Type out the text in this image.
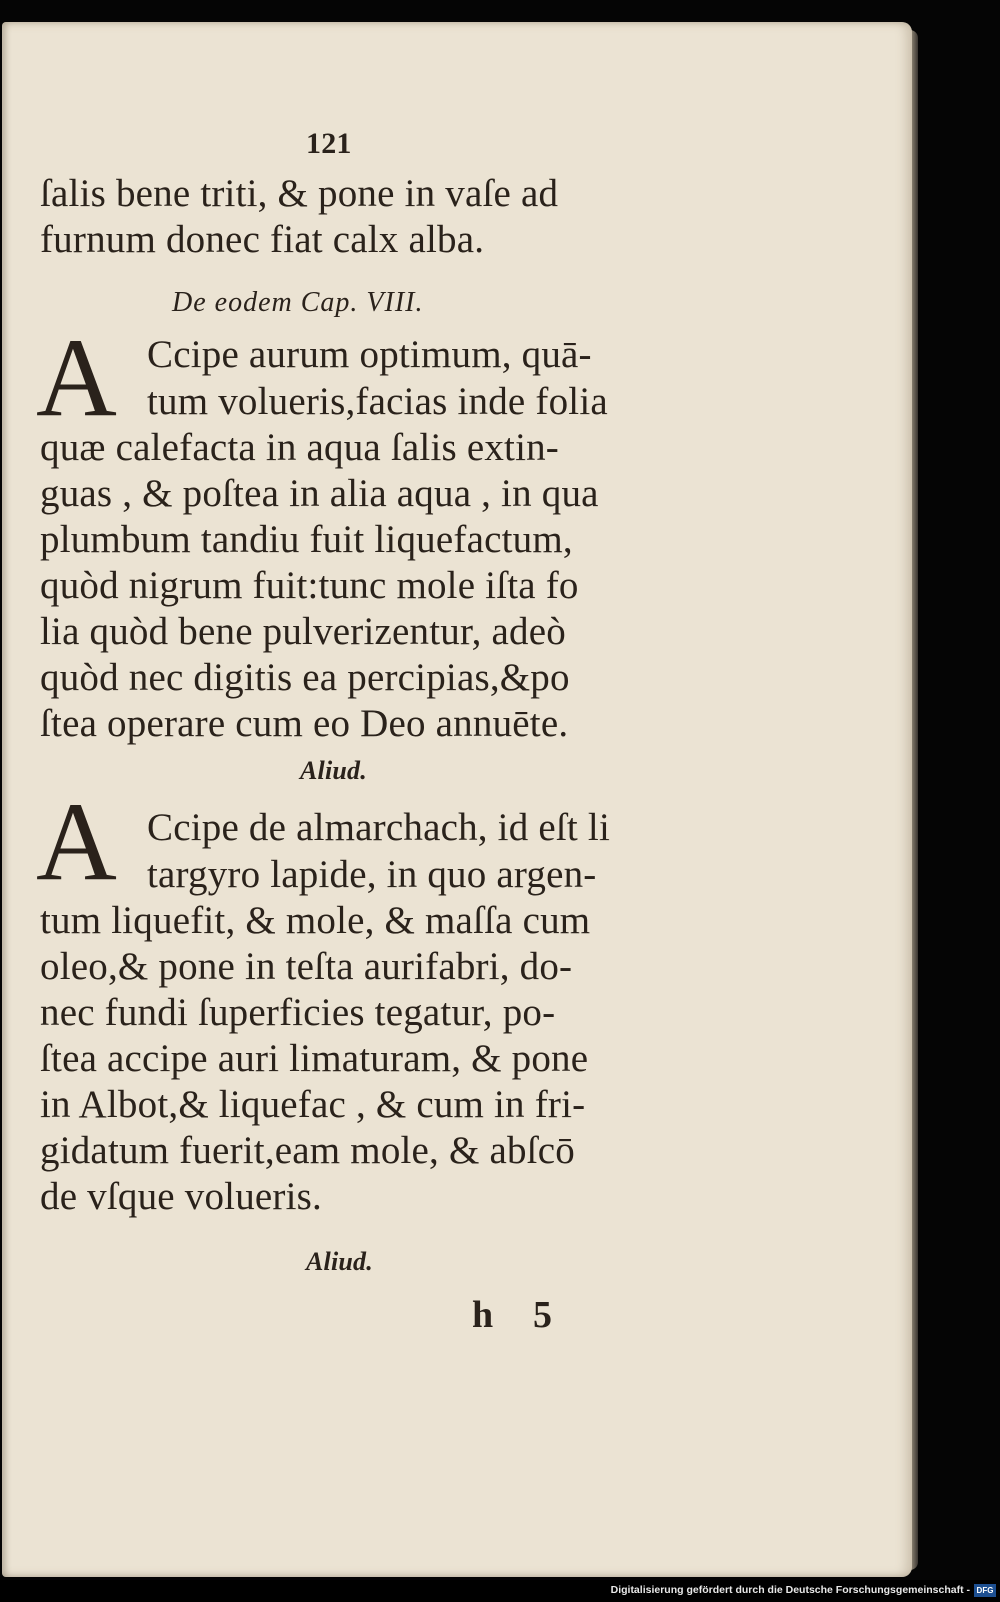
121
ſalis bene triti, & pone in vaſe ad
furnum donec fiat calx alba.
De eodem Cap. VIII.
A Ccipe aurum optimum, quā-
tum volueris,facias inde folia
quæ calefacta in aqua ſalis extin-
guas , & poſtea in alia aqua , in qua
plumbum tandiu fuit liquefactum,
quòd nigrum fuit:tunc mole iſta fo
lia quòd bene pulverizentur, adeò
quòd nec digitis ea percipias,&po
ſtea operare cum eo Deo annuēte.
Aliud.
A Ccipe de almarchach, id eſt li
targyro lapide, in quo argen-
tum liquefit, & mole, & maſſa cum
oleo,& pone in teſta aurifabri, do-
nec fundi ſuperficies tegatur, po-
ſtea accipe auri limaturam, & pone
in Albot,& liquefac , & cum in fri-
gidatum fuerit,eam mole, & abſcō
de vſque volueris.
Aliud.
h 5
Digitalisierung gefördert durch die Deutsche Forschungsgemeinschaft - DFG
